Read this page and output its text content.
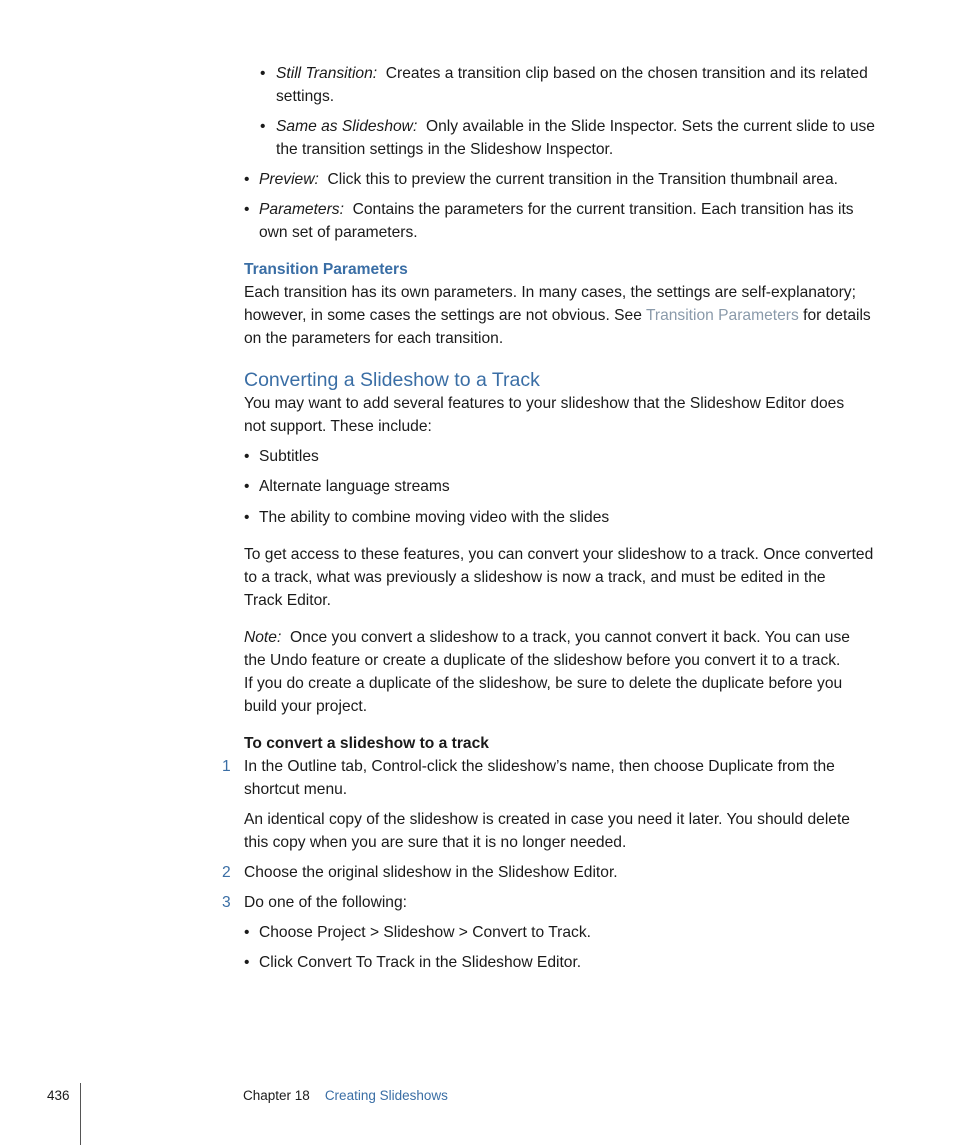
• Still Transition: Creates a transition clip based on the chosen transition and its related
settings.
• Same as Slideshow: Only available in the Slide Inspector. Sets the current slide to use
the transition settings in the Slideshow Inspector.
• Preview: Click this to preview the current transition in the Transition thumbnail area.
• Parameters: Contains the parameters for the current transition. Each transition has its
own set of parameters.
Transition Parameters
Each transition has its own parameters. In many cases, the settings are self-explanatory;
however, in some cases the settings are not obvious. See Transition Parameters for details
on the parameters for each transition.
Converting a Slideshow to a Track
You may want to add several features to your slideshow that the Slideshow Editor does
not support. These include:
• Subtitles
• Alternate language streams
• The ability to combine moving video with the slides
To get access to these features, you can convert your slideshow to a track. Once converted
to a track, what was previously a slideshow is now a track, and must be edited in the
Track Editor.
Note: Once you convert a slideshow to a track, you cannot convert it back. You can use
the Undo feature or create a duplicate of the slideshow before you convert it to a track.
If you do create a duplicate of the slideshow, be sure to delete the duplicate before you
build your project.
To convert a slideshow to a track
1 In the Outline tab, Control-click the slideshow’s name, then choose Duplicate from the
shortcut menu.
An identical copy of the slideshow is created in case you need it later. You should delete
this copy when you are sure that it is no longer needed.
2 Choose the original slideshow in the Slideshow Editor.
3 Do one of the following:
• Choose Project > Slideshow > Convert to Track.
• Click Convert To Track in the Slideshow Editor.
436	Chapter 18 Creating Slideshows
